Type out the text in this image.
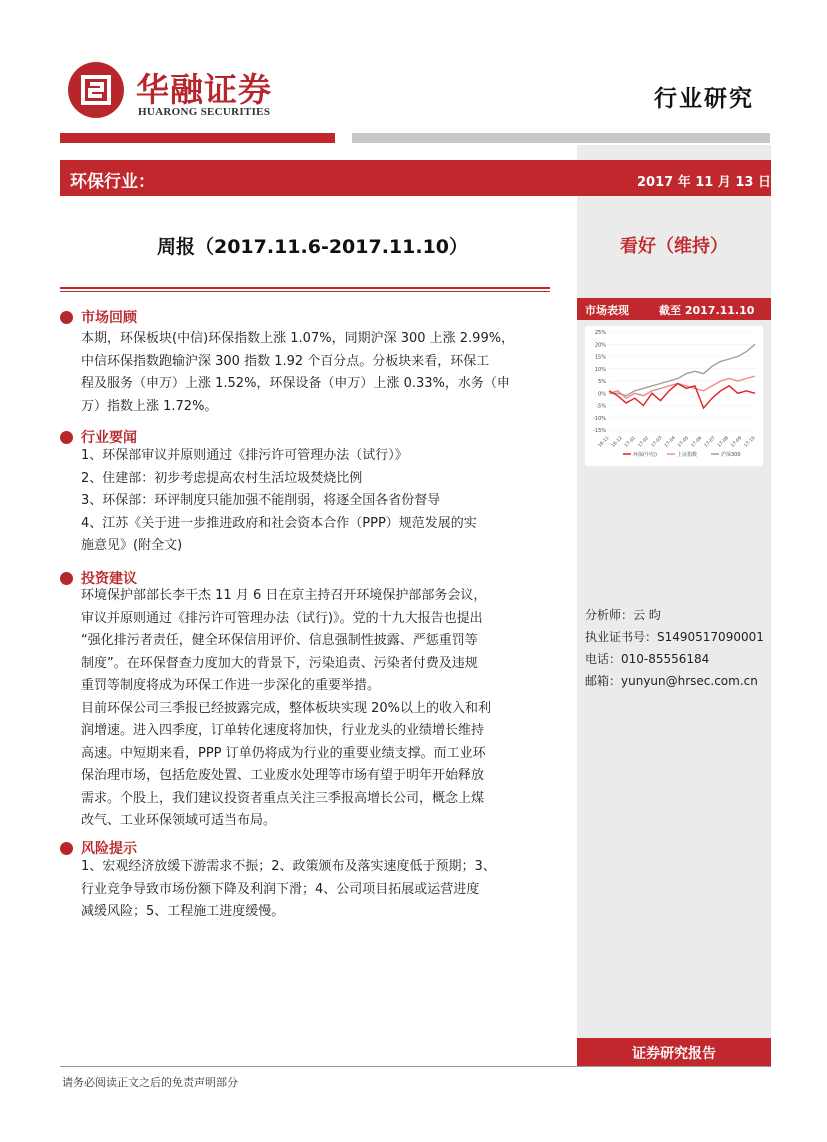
华融证券
HUARONG SECURITIES	行业研究
环保行业：	2017 年 11 月 13 日
周报（2017.11.6-2017.11.10）	看好（维持）
市场回顾
本期，环保板块(中信)环保指数上涨 1.07%，同期沪深 300 上涨 2.99%，
中信环保指数跑输沪深 300 指数 1.92 个百分点。分板块来看，环保工
程及服务（申万）上涨 1.52%，环保设备（申万）上涨 0.33%，水务（申
万）指数上涨 1.72%。
行业要闻
1、环保部审议并原则通过《排污许可管理办法（试行）》
2、住建部：初步考虑提高农村生活垃圾焚烧比例
3、环保部：环评制度只能加强不能削弱，将逐全国各省份督导
4、江苏《关于进一步推进政府和社会资本合作（PPP）规范发展的实
施意见》(附全文)
投资建议
环境保护部部长李干杰 11 月 6 日在京主持召开环境保护部部务会议，
审议并原则通过《排污许可管理办法（试行)》。党的十九大报告也提出
“强化排污者责任，健全环保信用评价、信息强制性披露、严惩重罚等
制度”。在环保督查力度加大的背景下，污染追责、污染者付费及违规
重罚等制度将成为环保工作进一步深化的重要举措。
目前环保公司三季报已经披露完成，整体板块实现 20%以上的收入和利
润增速。进入四季度，订单转化速度将加快，行业龙头的业绩增长维持
高速。中短期来看，PPP 订单仍将成为行业的重要业绩支撑。而工业环
保治理市场，包括危废处置、工业废水处理等市场有望于明年开始释放
需求。个股上，我们建议投资者重点关注三季报高增长公司，概念上煤
改气、工业环保领域可适当布局。
风险提示
1、宏观经济放缓下游需求不振；2、政策颁布及落实速度低于预期；3、
行业竞争导致市场份额下降及利润下滑；4、公司项目拓展或运营进度
减缓风险；5、工程施工进度缓慢。
市场表现	截至 2017.11.10
25%
20%
15%
10%
5%
0%
-5%
-10%
-15%
16-11 16-12 17-01 17-02 17-03 17-04 17-05 17-06 17-07 17-08 17-09 17-10
环保(中信)	上证指数	沪深300
分析师：云 昀
执业证书号：S1490517090001
电话：010-85556184
邮箱：yunyun@hrsec.com.cn
证券研究报告
请务必阅读正文之后的免责声明部分
